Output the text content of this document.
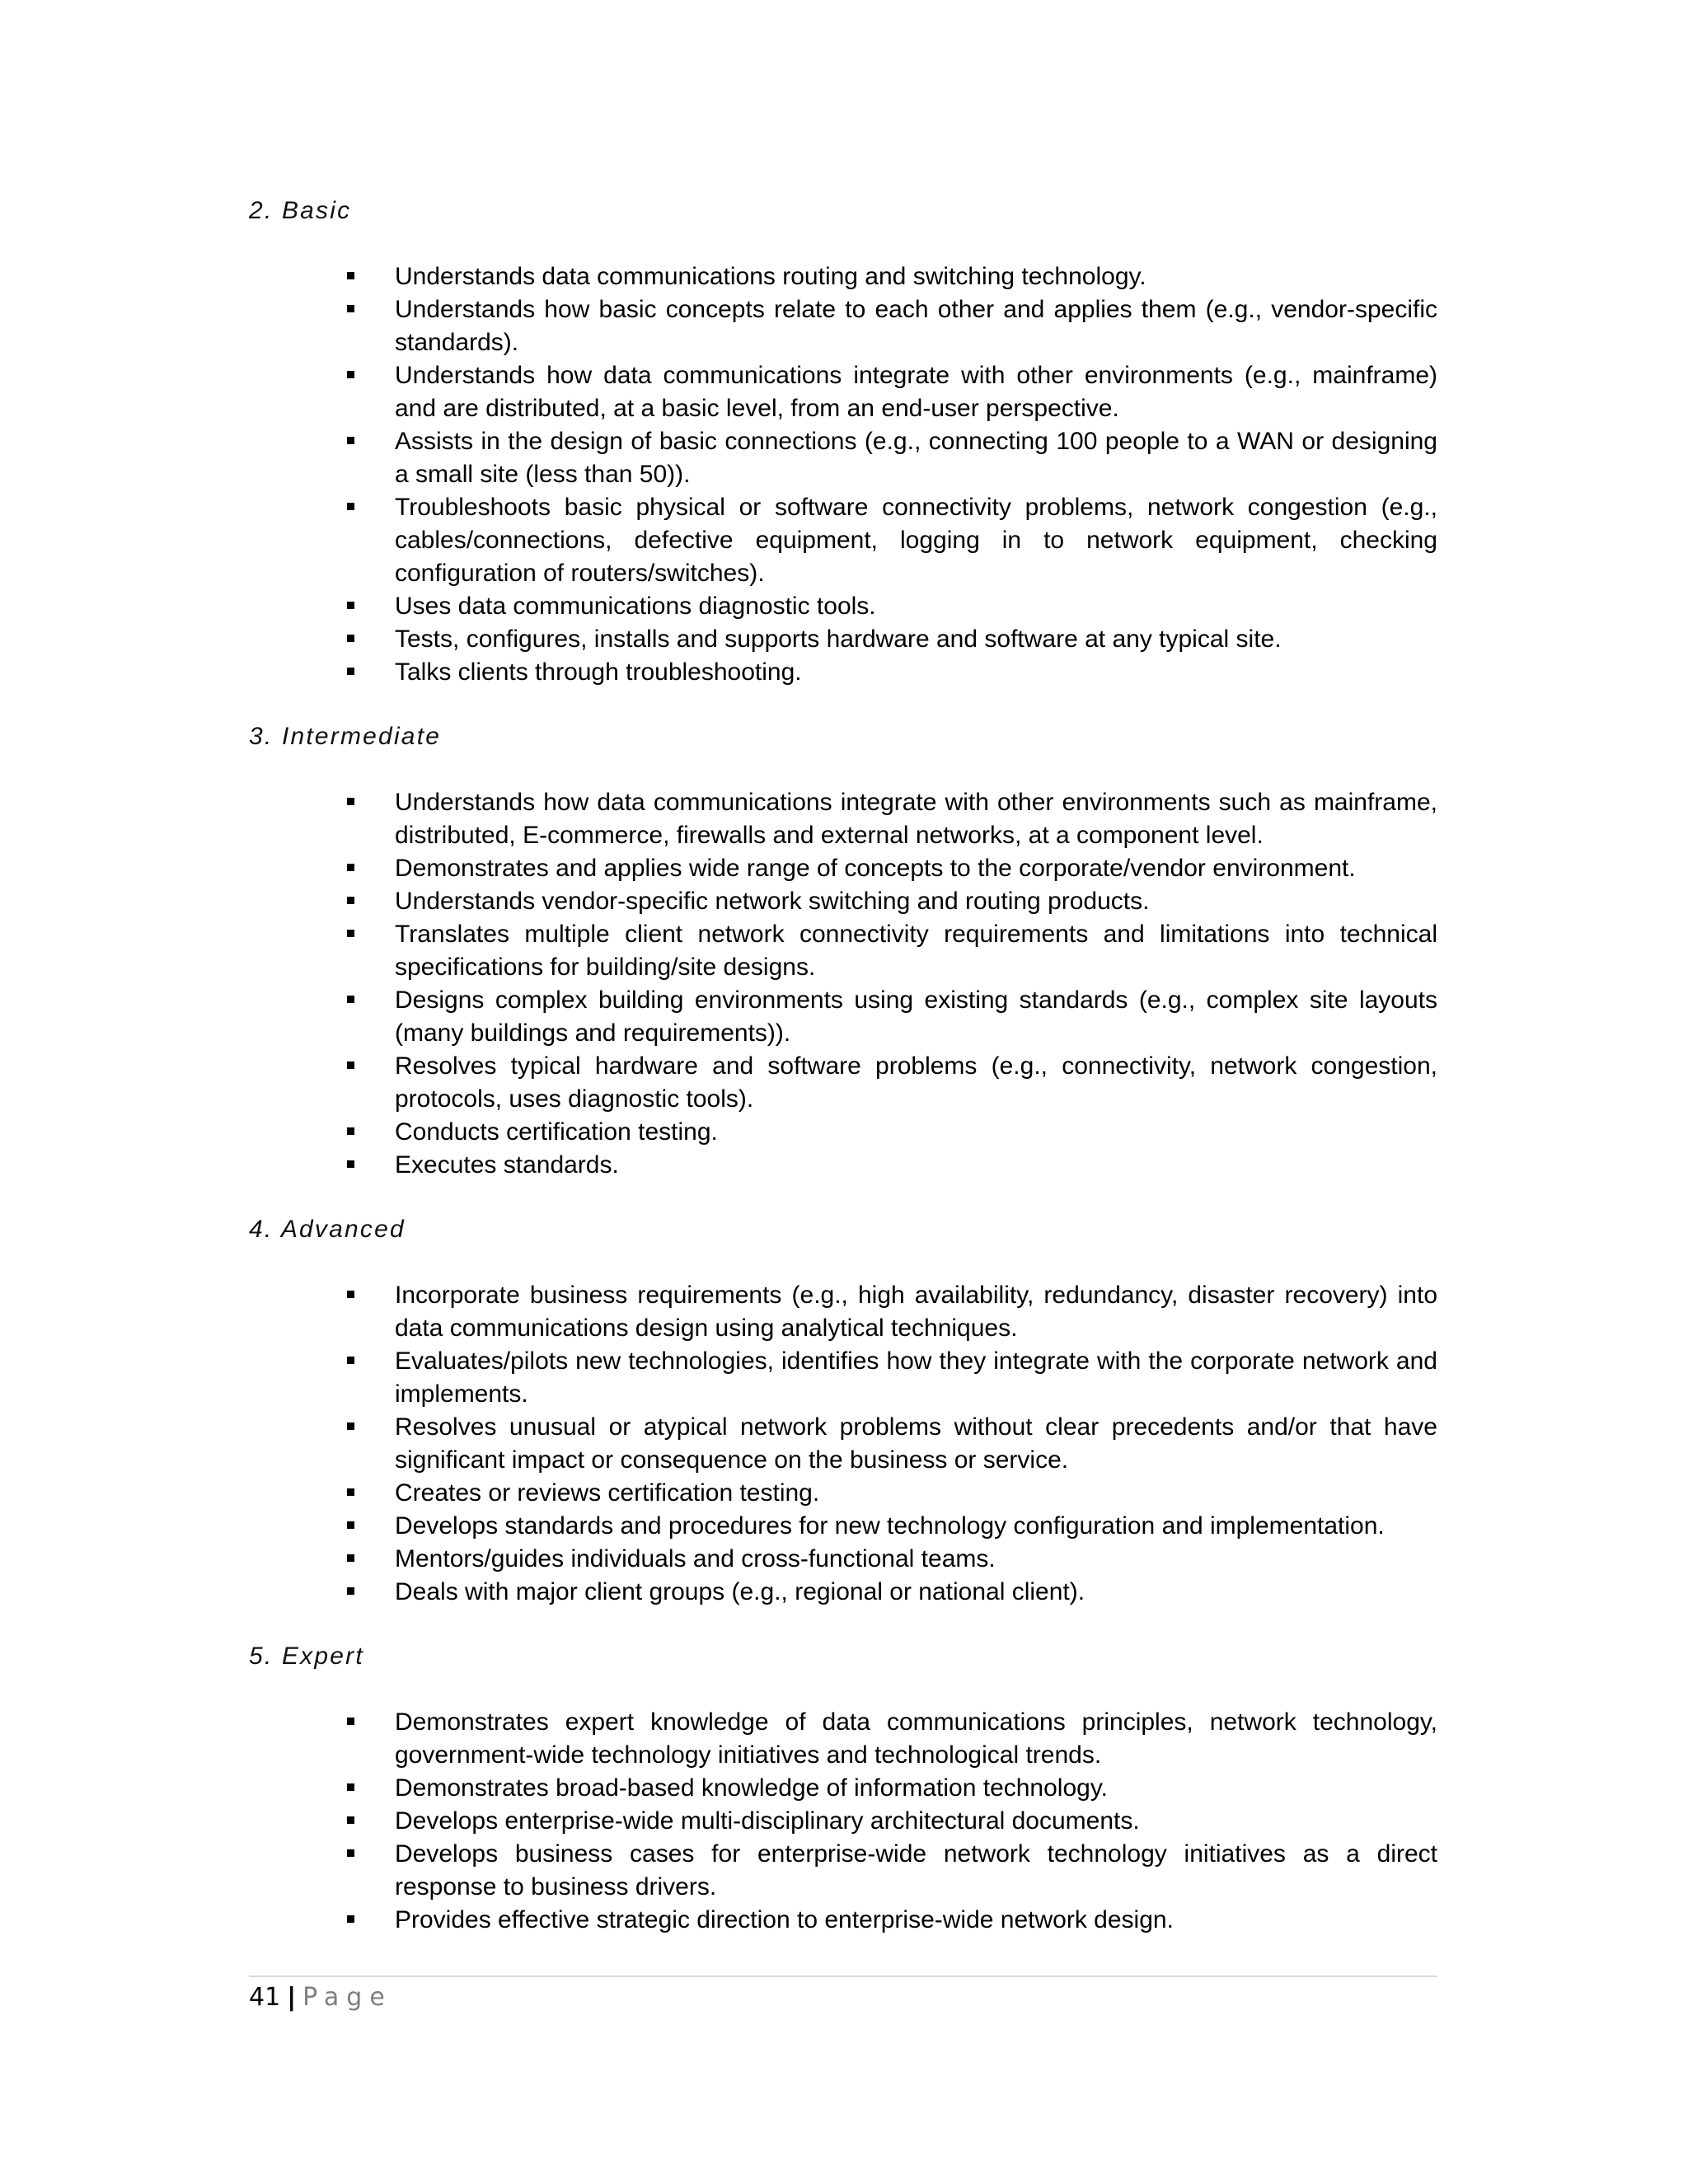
2. Basic

Understands data communications routing and switching technology.
Understands how basic concepts relate to each other and applies them (e.g., vendor-specific standards).
Understands how data communications integrate with other environments (e.g., mainframe) and are distributed, at a basic level, from an end-user perspective.
Assists in the design of basic connections (e.g., connecting 100 people to a WAN or designing a small site (less than 50)).
Troubleshoots basic physical or software connectivity problems, network congestion (e.g., cables/connections, defective equipment, logging in to network equipment, checking configuration of routers/switches).
Uses data communications diagnostic tools.
Tests, configures, installs and supports hardware and software at any typical site.
Talks clients through troubleshooting.

3. Intermediate

Understands how data communications integrate with other environments such as mainframe, distributed, E-commerce, firewalls and external networks, at a component level.
Demonstrates and applies wide range of concepts to the corporate/vendor environment.
Understands vendor-specific network switching and routing products.
Translates multiple client network connectivity requirements and limitations into technical specifications for building/site designs.
Designs complex building environments using existing standards (e.g., complex site layouts (many buildings and requirements)).
Resolves typical hardware and software problems (e.g., connectivity, network congestion, protocols, uses diagnostic tools).
Conducts certification testing.
Executes standards.

4. Advanced

Incorporate business requirements (e.g., high availability, redundancy, disaster recovery) into data communications design using analytical techniques.
Evaluates/pilots new technologies, identifies how they integrate with the corporate network and implements.
Resolves unusual or atypical network problems without clear precedents and/or that have significant impact or consequence on the business or service.
Creates or reviews certification testing.
Develops standards and procedures for new technology configuration and implementation.
Mentors/guides individuals and cross-functional teams.
Deals with major client groups (e.g., regional or national client).

5. Expert

Demonstrates expert knowledge of data communications principles, network technology, government-wide technology initiatives and technological trends.
Demonstrates broad-based knowledge of information technology.
Develops enterprise-wide multi-disciplinary architectural documents.
Develops business cases for enterprise-wide network technology initiatives as a direct response to business drivers.
Provides effective strategic direction to enterprise-wide network design.
41 | Page
